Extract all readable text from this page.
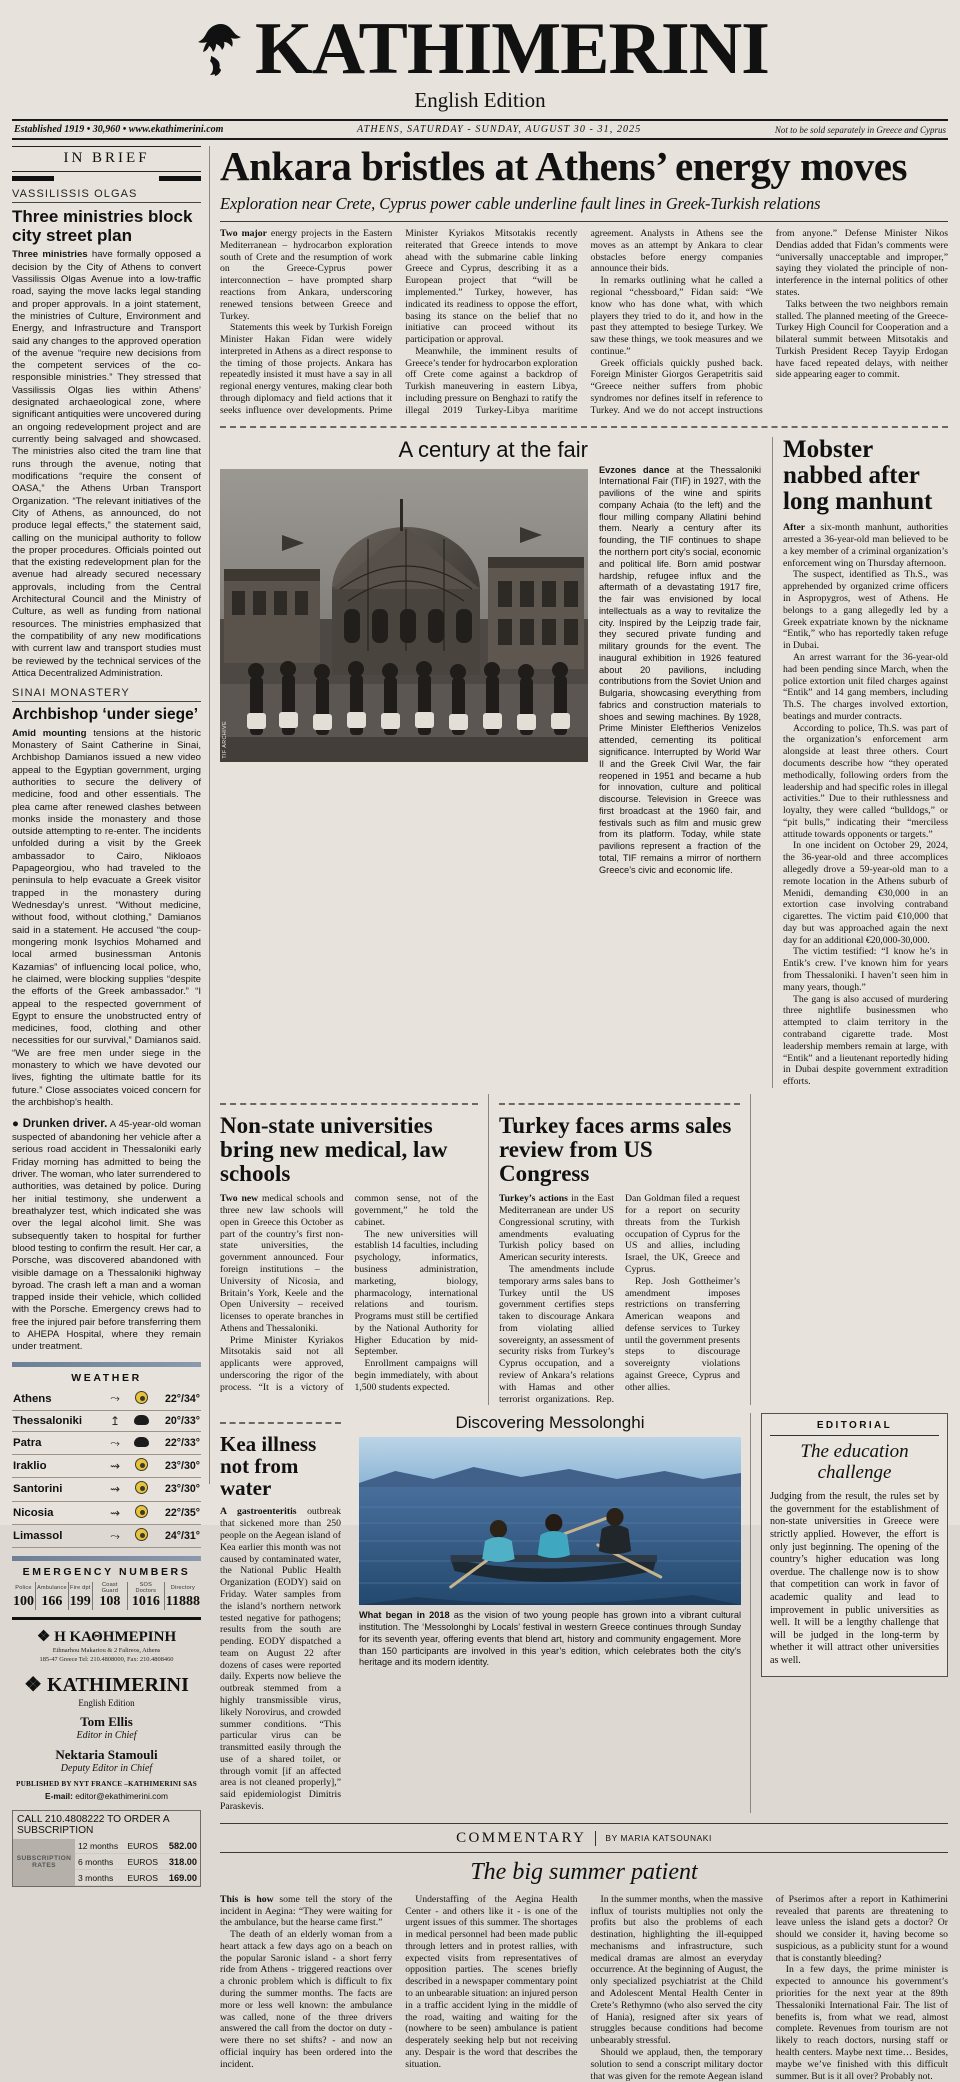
KATHIMERINI
English Edition
Established 1919 • 30,960 • www.ekathimerini.com	ATHENS, SATURDAY - SUNDAY, AUGUST 30 - 31, 2025	Not to be sold separately in Greece and Cyprus
IN BRIEF
VASSILISSIS OLGAS
Three ministries block city street plan

Three ministries have formally opposed a decision by the City of Athens to convert Vassilissis Olgas Avenue into a low-traffic road, saying the move lacks legal standing and proper approvals. In a joint statement, the ministries of Culture, Environment and Energy, and Infrastructure and Transport said any changes to the approved operation of the avenue “require new decisions from the competent services of the co-responsible ministries.” They stressed that Vassilissis Olgas lies within Athens’ designated archaeological zone, where significant antiquities were uncovered during an ongoing redevelopment project and are currently being salvaged and showcased. The ministries also cited the tram line that runs through the avenue, noting that modifications “require the consent of OASA,” the Athens Urban Transport Organization. “The relevant initiatives of the City of Athens, as announced, do not produce legal effects,” the statement said, calling on the municipal authority to follow the proper procedures. Officials pointed out that the existing redevelopment plan for the avenue had already secured necessary approvals, including from the Central Architectural Council and the Ministry of Culture, as well as funding from national resources. The ministries emphasized that the compatibility of any new modifications with current law and transport studies must be reviewed by the technical services of the Attica Decentralized Administration.

SINAI MONASTERY
Archbishop ‘under siege’

Amid mounting tensions at the historic Monastery of Saint Catherine in Sinai, Archbishop Damianos issued a new video appeal to the Egyptian government, urging authorities to secure the delivery of medicine, food and other essentials. The plea came after renewed clashes between monks inside the monastery and those outside attempting to re-enter. The incidents unfolded during a visit by the Greek ambassador to Cairo, Nikloaos Papageorgiou, who had traveled to the peninsula to help evacuate a Greek visitor trapped in the monastery during Wednesday’s unrest. “Without medicine, without food, without clothing,” Damianos said in a statement. He accused “the coup-mongering monk Isychios Mohamed and local armed businessman Antonis Kazamias” of influencing local police, who, he claimed, were blocking supplies “despite the efforts of the Greek ambassador.” “I appeal to the respected government of Egypt to ensure the unobstructed entry of medicines, food, clothing and other necessities for our survival,” Damianos said. “We are free men under siege in the monastery to which we have devoted our lives, fighting the ultimate battle for its future.” Close associates voiced concern for the archbishop’s health.

● Drunken driver. A 45-year-old woman suspected of abandoning her vehicle after a serious road accident in Thessaloniki early Friday morning has admitted to being the driver. The woman, who later surrendered to authorities, was detained by police. During her initial testimony, she underwent a breathalyzer test, which indicated she was over the legal alcohol limit. She was subsequently taken to hospital for further blood testing to confirm the result. Her car, a Porsche, was discovered abandoned with visible damage on a Thessaloniki highway byroad. The crash left a man and a woman trapped inside their vehicle, which collided with the Porsche. Emergency crews had to free the injured pair before transferring them to AHEPA Hospital, where they remain under treatment.

WEATHER
Athens	⤳		22°/34°
Thessaloniki	↥		20°/33°
Patra	⤳		22°/33°
Iraklio	⇝		23°/30°
Santorini	⇝		23°/30°
Nicosia	⇝		22°/35°
Limassol	⤳		24°/31°
EMERGENCY NUMBERS
Police	Ambulance	Fire dpt	Coast Guard	SOS Doctors	Directory
100	166	199	108	1016	11888
❖ Η ΚΑΘΗΜΕΡΙΝΗ
Ethnarhou Makariou & 2 Falireos, Athens
185-47 Greece Tel: 210.4808000, Fax: 210.4808460
❖ KATHIMERINI
English Edition
Tom Ellis
Editor in Chief
Nektaria Stamouli
Deputy Editor in Chief
PUBLISHED BY NYT FRANCE –KATHIMERINI SAS
E-mail: editor@ekathimerini.com
CALL 210.4808222 TO ORDER A SUBSCRIPTION
SUBSCRIPTION RATES
12 months	EUROS	582.00
6 months	EUROS	318.00
3 months	EUROS	169.00
Ankara bristles at Athens’ energy moves
Exploration near Crete, Cyprus power cable underline fault lines in Greek-Turkish relations

Two major energy projects in the Eastern Mediterranean – hydrocarbon exploration south of Crete and the resumption of work on the Greece-Cyprus power interconnection – have prompted sharp reactions from Ankara, underscoring renewed tensions between Greece and Turkey.

Statements this week by Turkish Foreign Minister Hakan Fidan were widely interpreted in Athens as a direct response to the timing of those projects. Ankara has repeatedly insisted it must have a say in all regional energy ventures, making clear both through diplomacy and field actions that it seeks influence over developments. Prime Minister Kyriakos Mitsotakis recently reiterated that Greece intends to move ahead with the submarine cable linking Greece and Cyprus, describing it as a European project that “will be implemented.” Turkey, however, has indicated its readiness to oppose the effort, basing its stance on the belief that no initiative can proceed without its participation or approval.

Meanwhile, the imminent results of Greece’s tender for hydrocarbon exploration off Crete come against a backdrop of Turkish maneuvering in eastern Libya, including pressure on Benghazi to ratify the illegal 2019 Turkey-Libya maritime agreement. Analysts in Athens see the moves as an attempt by Ankara to clear obstacles before energy companies announce their bids.

In remarks outlining what he called a regional “chessboard,” Fidan said: “We know who has done what, with which players they tried to do it, and how in the past they attempted to besiege Turkey. We saw these things, we took measures and we continue.”

Greek officials quickly pushed back. Foreign Minister Giorgos Gerapetritis said “Greece neither suffers from phobic syndromes nor defines itself in reference to Turkey. And we do not accept instructions from anyone.” Defense Minister Nikos Dendias added that Fidan’s comments were “universally unacceptable and improper,” saying they violated the principle of non-interference in the internal politics of other states.

Talks between the two neighbors remain stalled. The planned meeting of the Greece-Turkey High Council for Cooperation and a bilateral summit between Mitsotakis and Turkish President Recep Tayyip Erdogan have faced repeated delays, with neither side appearing eager to commit.

A century at the fair
TIF ARCHIVE

Evzones dance at the Thessaloniki International Fair (TIF) in 1927, with the pavilions of the wine and spirits company Achaia (to the left) and the flour milling company Allatini behind them. Nearly a century after its founding, the TIF continues to shape the northern port city’s social, economic and political life. Born amid postwar hardship, refugee influx and the aftermath of a devastating 1917 fire, the fair was envisioned by local intellectuals as a way to revitalize the city. Inspired by the Leipzig trade fair, they secured private funding and military grounds for the event. The inaugural exhibition in 1926 featured about 20 pavilions, including contributions from the Soviet Union and Bulgaria, showcasing everything from fabrics and construction materials to shoes and sewing machines. By 1928, Prime Minister Eleftherios Venizelos attended, cementing its political significance. Interrupted by World War II and the Greek Civil War, the fair reopened in 1951 and became a hub for innovation, culture and political discourse. Television in Greece was first broadcast at the 1960 fair, and festivals such as film and music grew from its platform. Today, while state pavilions represent a fraction of the total, TIF remains a mirror of northern Greece’s civic and economic life.

Mobster nabbed after long manhunt

After a six-month manhunt, authorities arrested a 36-year-old man believed to be a key member of a criminal organization’s enforcement wing on Thursday afternoon.

The suspect, identified as Th.S., was apprehended by organized crime officers in Aspropygros, west of Athens. He belongs to a gang allegedly led by a Greek expatriate known by the nickname “Entik,” who has reportedly taken refuge in Dubai.

An arrest warrant for the 36-year-old had been pending since March, when the police extortion unit filed charges against “Entik” and 14 gang members, including Th.S. The charges involved extortion, beatings and murder contracts.

According to police, Th.S. was part of the organization’s enforcement arm alongside at least three others. Court documents describe how “they operated methodically, following orders from the leadership and had specific roles in illegal activities.” Due to their ruthlessness and loyalty, they were called “bulldogs,” or “pit bulls,” indicating their “merciless attitude towards opponents or targets.”

In one incident on October 29, 2024, the 36-year-old and three accomplices allegedly drove a 59-year-old man to a remote location in the Athens suburb of Menidi, demanding €30,000 in an extortion case involving contraband cigarettes. The victim paid €10,000 that day but was approached again the next day for an additional €20,000-30,000.

The victim testified: “I know he’s in Entik’s crew. I’ve known him for years from Thessaloniki. I haven’t seen him in many years, though.”

The gang is also accused of murdering three nightlife businessmen who attempted to claim territory in the contraband cigarette trade. Most leadership members remain at large, with “Entik” and a lieutenant reportedly hiding in Dubai despite government extradition efforts.

Non-state universities bring new medical, law schools

Two new medical schools and three new law schools will open in Greece this October as part of the country’s first non-state universities, the government announced. Four foreign institutions – the University of Nicosia, and Britain’s York, Keele and the Open University – received licenses to operate branches in Athens and Thessaloniki.

Prime Minister Kyriakos Mitsotakis said not all applicants were approved, underscoring the rigor of the process. “It is a victory of common sense, not of the government,” he told the cabinet.

The new universities will establish 14 faculties, including psychology, informatics, business administration, marketing, biology, pharmacology, international relations and tourism. Programs must still be certified by the National Authority for Higher Education by mid-September.

Enrollment campaigns will begin immediately, with about 1,500 students expected.

Turkey faces arms sales review from US Congress

Turkey’s actions in the East Mediterranean are under US Congressional scrutiny, with amendments evaluating Turkish policy based on American security interests.

The amendments include temporary arms sales bans to Turkey until the US government certifies steps taken to discourage Ankara from violating allied sovereignty, an assessment of security risks from Turkey’s Cyprus occupation, and a review of Ankara’s relations with Hamas and other terrorist organizations. Rep. Dan Goldman filed a request for a report on security threats from the Turkish occupation of Cyprus for the US and allies, including Israel, the UK, Greece and Cyprus.

Rep. Josh Gottheimer’s amendment imposes restrictions on transferring American weapons and defense services to Turkey until the government presents steps to discourage sovereignty violations against Greece, Cyprus and other allies.

Kea illness not from water

A gastroenteritis outbreak that sickened more than 250 people on the Aegean island of Kea earlier this month was not caused by contaminated water, the National Public Health Organization (EODY) said on Friday. Water samples from the island’s northern network tested negative for pathogens; results from the south are pending. EODY dispatched a team on August 22 after dozens of cases were reported daily. Experts now believe the outbreak stemmed from a highly transmissible virus, likely Norovirus, and crowded summer conditions. “This particular virus can be transmitted easily through the use of a shared toilet, or through vomit [if an affected area is not cleaned properly],” said epidemiologist Dimitris Paraskevis.

Discovering Messolonghi

What began in 2018 as the vision of two young people has grown into a vibrant cultural institution. The ‘Messolonghi by Locals’ festival in western Greece continues through Sunday for its seventh year, offering events that blend art, history and community engagement. More than 150 participants are involved in this year’s edition, which celebrates both the city’s heritage and its modern identity.

EDITORIAL
The education challenge

Judging from the result, the rules set by the government for the establishment of non-state universities in Greece were strictly applied. However, the effort is only just beginning. The opening of the country’s higher education was long overdue. The challenge now is to show that competition can work in favor of academic quality and lead to improvement in public universities as well. It will be a lengthy challenge that will be judged in the long-term by whether it will attract other universities as well.

COMMENTARY BY MARIA KATSOUNAKI
The big summer patient

This is how some tell the story of the incident in Aegina: “They were waiting for the ambulance, but the hearse came first.”

The death of an elderly woman from a heart attack a few days ago on a beach on the popular Saronic island - a short ferry ride from Athens - triggered reactions over a chronic problem which is difficult to fix during the summer months. The facts are more or less well known: the ambulance was called, none of the three drivers answered the call from the doctor on duty - were there no set shifts? - and now an official inquiry has been ordered into the incident.

Understaffing of the Aegina Health Center - and others like it - is one of the urgent issues of this summer. The shortages in medical personnel had been made public through letters and in protest rallies, with expected visits from representatives of opposition parties. The scenes briefly described in a newspaper commentary point to an unbearable situation: an injured person in a traffic accident lying in the middle of the road, waiting and waiting for the (nowhere to be seen) ambulance is patient desperately seeking help but not receiving any. Despair is the word that describes the situation.

In the summer months, when the massive influx of tourists multiplies not only the profits but also the problems of each destination, highlighting the ill-equipped mechanisms and infrastructure, such medical dramas are almost an everyday occurrence. At the beginning of August, the only specialized psychiatrist at the Child and Adolescent Mental Health Center in Crete’s Rethymno (who also served the city of Hania), resigned after six years of struggles because conditions had become unbearably stressful.

Should we applaud, then, the temporary solution to send a conscript military doctor that was given for the remote Aegean island of Pserimos after a report in Kathimerini revealed that parents are threatening to leave unless the island gets a doctor? Or should we consider it, having become so suspicious, as a publicity stunt for a wound that is constantly bleeding?

In a few days, the prime minister is expected to announce his government’s priorities for the next year at the 89th Thessaloniki International Fair. The list of benefits is, from what we read, almost complete. Revenues from tourism are not likely to reach doctors, nursing staff or health centers. Maybe next time… Besides, maybe we’ve finished with this difficult summer. But is it all over? Probably not.
